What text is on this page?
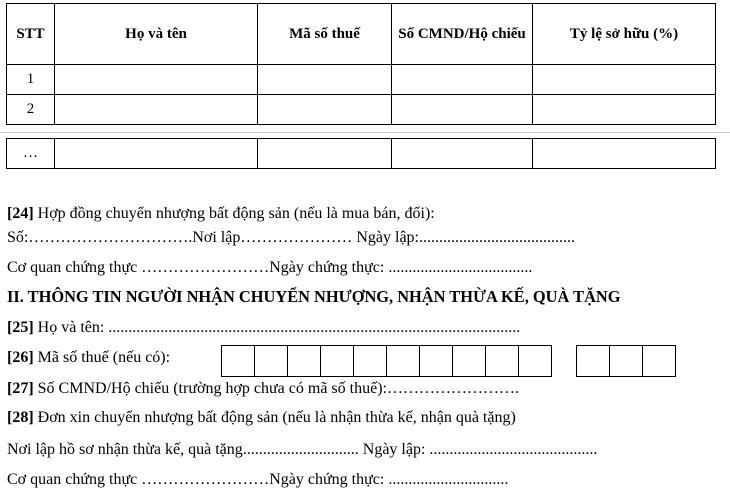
STT	Họ và tên	Mã số thuế	Số CMND/Hộ chiếu	Tỷ lệ sở hữu (%)
1				
2				
…				
[24] Hợp đồng chuyển nhượng bất động sản (nếu là mua bán, đổi):
Số:………………………….Nơi lập………………… Ngày lập:.......................................
Cơ quan chứng thực ……………………Ngày chứng thực: ....................................
II. THÔNG TIN NGƯỜI NHẬN CHUYỂN NHƯỢNG, NHẬN THỪA KẾ, QUÀ TẶNG
[25] Họ và tên: .......................................................................................................
[26] Mã số thuế (nếu có):
[27] Số CMND/Hộ chiếu (trường hợp chưa có mã số thuế):…………………….
[28] Đơn xin chuyển nhượng bất động sản (nếu là nhận thừa kế, nhận quà tặng)
Nơi lập hồ sơ nhận thừa kế, quà tặng............................. Ngày lập: ..........................................
Cơ quan chứng thực ……………………Ngày chứng thực: ..............................
